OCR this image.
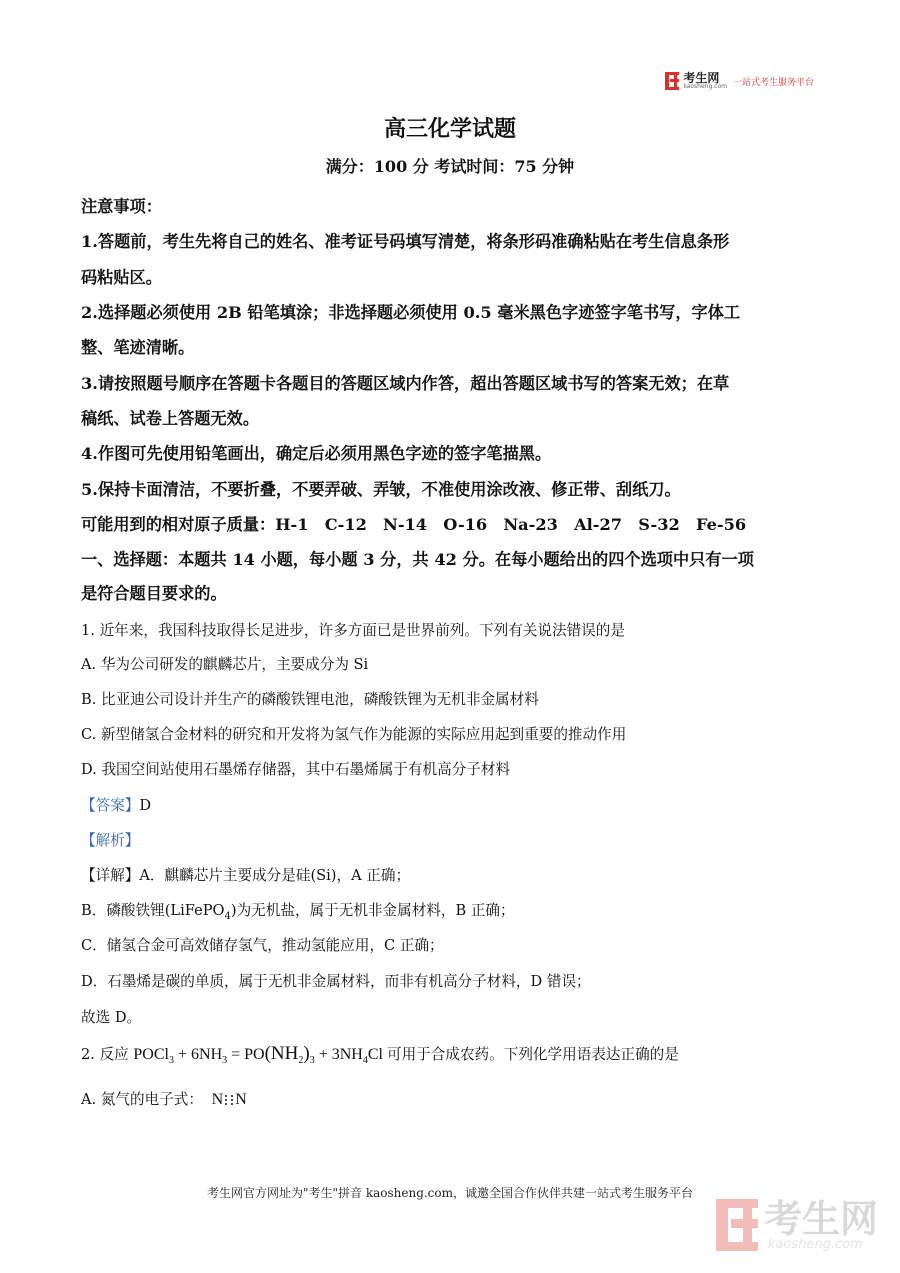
考生网
kaosheng.com 一站式考生服务平台
高三化学试题
满分：100 分 考试时间：75 分钟
注意事项：
1.答题前，考生先将自己的姓名、准考证号码填写清楚，将条形码准确粘贴在考生信息条形
码粘贴区。
2.选择题必须使用 2B 铅笔填涂；非选择题必须使用 0.5 毫米黑色字迹签字笔书写，字体工
整、笔迹清晰。
3.请按照题号顺序在答题卡各题目的答题区域内作答，超出答题区域书写的答案无效；在草
稿纸、试卷上答题无效。
4.作图可先使用铅笔画出，确定后必须用黑色字迹的签字笔描黑。
5.保持卡面清洁，不要折叠，不要弄破、弄皱，不准使用涂改液、修正带、刮纸刀。
可能用到的相对原子质量：H-1　C-12　N-14　O-16　Na-23　Al-27　S-32　Fe-56
一、选择题：本题共 14 小题，每小题 3 分，共 42 分。在每小题给出的四个选项中只有一项
是符合题目要求的。
1. 近年来，我国科技取得长足进步，许多方面已是世界前列。下列有关说法错误的是
A. 华为公司研发的麒麟芯片，主要成分为 Si
B. 比亚迪公司设计并生产的磷酸铁锂电池，磷酸铁锂为无机非金属材料
C. 新型储氢合金材料的研究和开发将为氢气作为能源的实际应用起到重要的推动作用
D. 我国空间站使用石墨烯存储器，其中石墨烯属于有机高分子材料
【答案】D
【解析】
【详解】A．麒麟芯片主要成分是硅(Si)，A 正确；
B．磷酸铁锂(LiFePO$_4$)为无机盐，属于无机非金属材料，B 正确；
C．储氢合金可高效储存氢气，推动氢能应用，C 正确；
D．石墨烯是碳的单质，属于无机非金属材料，而非有机高分子材料，D 错误；
故选 D。
2. 反应 POCl$_3$ + $6NH_3 = PO(NH_2)_3 + 3NH_4Cl$ 可用于合成农药。下列化学用语表达正确的是
A. 氮气的电子式： N N
考生网官方网址为"考生"拼音 kaosheng.com，诚邀全国合作伙伴共建一站式考生服务平台
考生网
kaosheng.com
